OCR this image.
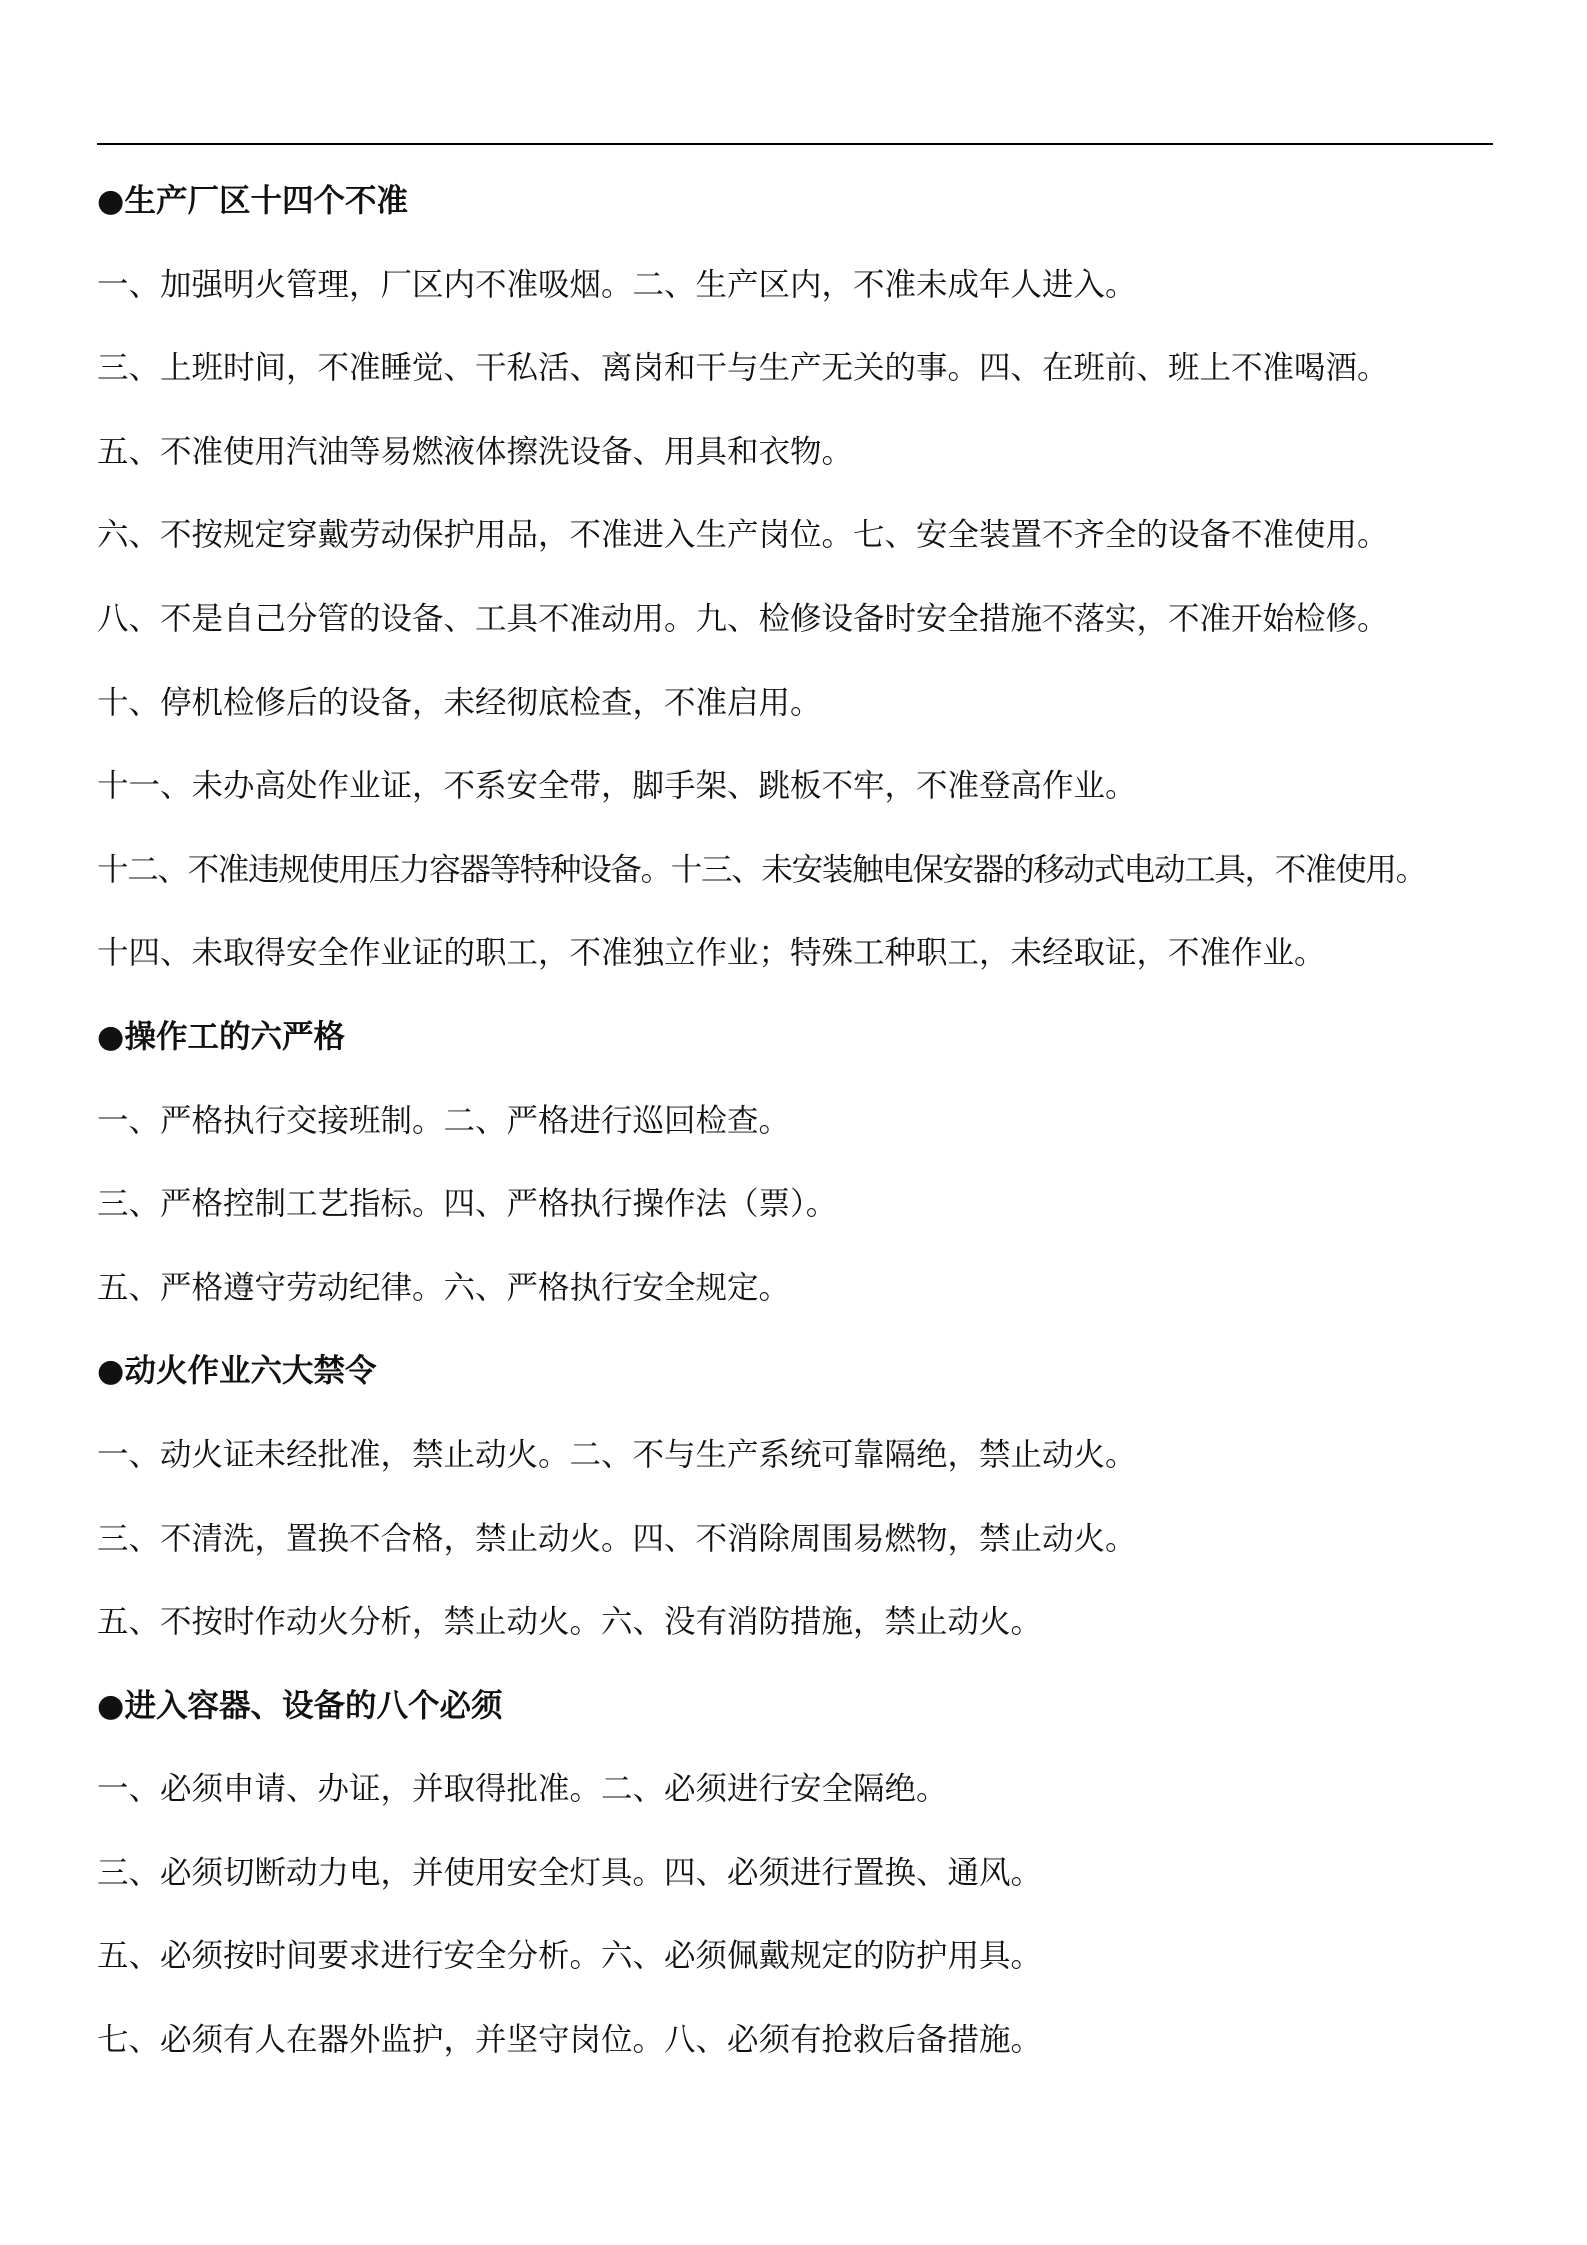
●生产厂区十四个不准
一、加强明火管理，厂区内不准吸烟。二、生产区内，不准未成年人进入。
三、上班时间，不准睡觉、干私活、离岗和干与生产无关的事。四、在班前、班上不准喝酒。
五、不准使用汽油等易燃液体擦洗设备、用具和衣物。
六、不按规定穿戴劳动保护用品，不准进入生产岗位。七、安全装置不齐全的设备不准使用。
八、不是自己分管的设备、工具不准动用。九、检修设备时安全措施不落实，不准开始检修。
十、停机检修后的设备，未经彻底检查，不准启用。
十一、未办高处作业证，不系安全带，脚手架、跳板不牢，不准登高作业。
十二、不准违规使用压力容器等特种设备。十三、未安装触电保安器的移动式电动工具，不准使用。
十四、未取得安全作业证的职工，不准独立作业；特殊工种职工，未经取证，不准作业。
●操作工的六严格
一、严格执行交接班制。二、严格进行巡回检查。
三、严格控制工艺指标。四、严格执行操作法（票）。
五、严格遵守劳动纪律。六、严格执行安全规定。
●动火作业六大禁令
一、动火证未经批准，禁止动火。二、不与生产系统可靠隔绝，禁止动火。
三、不清洗，置换不合格，禁止动火。四、不消除周围易燃物，禁止动火。
五、不按时作动火分析，禁止动火。六、没有消防措施，禁止动火。
●进入容器、设备的八个必须
一、必须申请、办证，并取得批准。二、必须进行安全隔绝。
三、必须切断动力电，并使用安全灯具。四、必须进行置换、通风。
五、必须按时间要求进行安全分析。六、必须佩戴规定的防护用具。
七、必须有人在器外监护，并坚守岗位。八、必须有抢救后备措施。
